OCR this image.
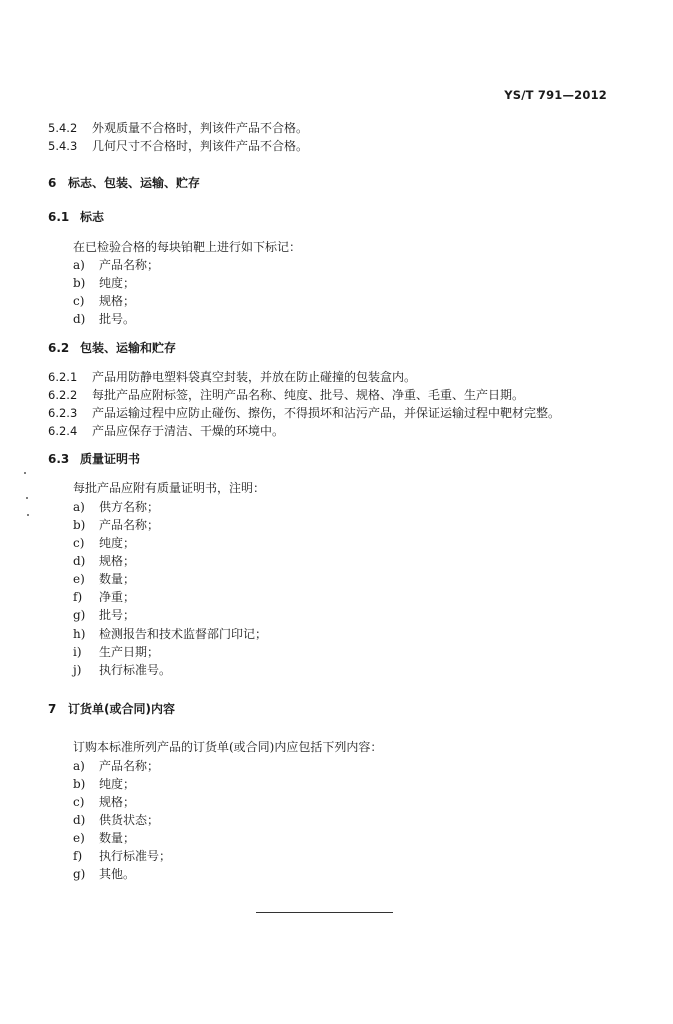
YS/T 791—2012
5.4.2 外观质量不合格时，判该件产品不合格。
5.4.3 几何尺寸不合格时，判该件产品不合格。
6 标志、包装、运输、贮存
6.1 标志
在已检验合格的每块铂靶上进行如下标记：
a) 产品名称；
b) 纯度；
c) 规格；
d) 批号。
6.2 包装、运输和贮存
6.2.1 产品用防静电塑料袋真空封装，并放在防止碰撞的包装盒内。
6.2.2 每批产品应附标签，注明产品名称、纯度、批号、规格、净重、毛重、生产日期。
6.2.3 产品运输过程中应防止碰伤、擦伤，不得损坏和沾污产品，并保证运输过程中靶材完整。
6.2.4 产品应保存于清洁、干燥的环境中。
6.3 质量证明书
每批产品应附有质量证明书，注明：
a) 供方名称；
b) 产品名称；
c) 纯度；
d) 规格；
e) 数量；
f) 净重；
g) 批号；
h) 检测报告和技术监督部门印记；
i) 生产日期；
j) 执行标准号。
7 订货单(或合同)内容
订购本标准所列产品的订货单(或合同)内应包括下列内容：
a) 产品名称；
b) 纯度；
c) 规格；
d) 供货状态；
e) 数量；
f) 执行标准号；
g) 其他。
